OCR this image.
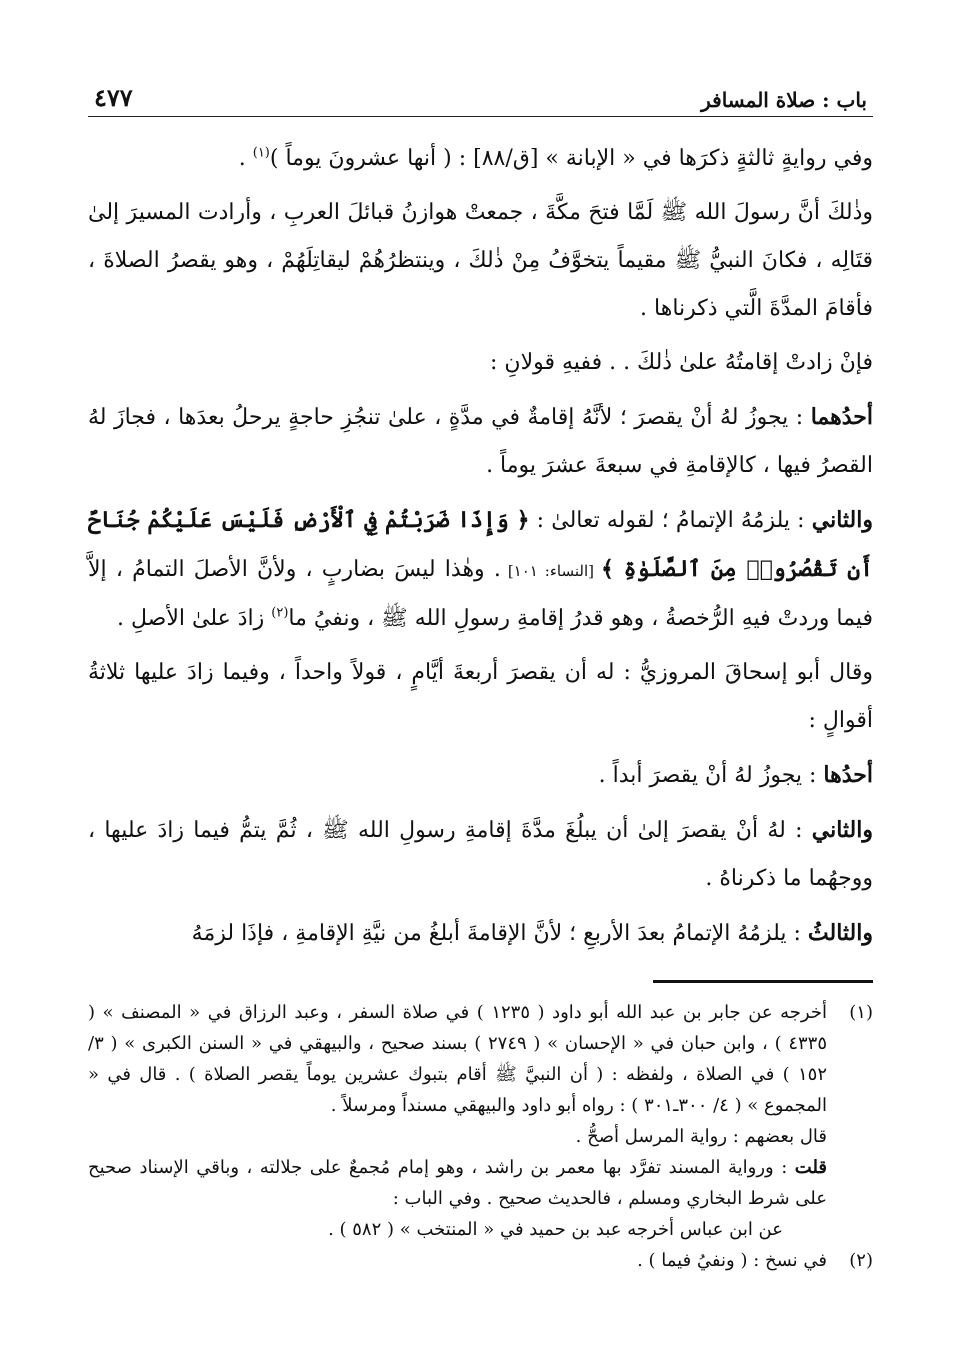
باب : صلاة المسافر
٤٧٧

وفي روايةٍ ثالثةٍ ذكرَها في « الإبانة » [ق/٨٨] : ( أنها عشرونَ يوماً )$^{(١)}$ .

وذٰلكَ أنَّ رسولَ الله ﷺ لَمَّا فتحَ مكَّةَ ، جمعتْ هوازنُ قبائلَ العربِ ، وأرادت المسيرَ إلىٰ قتَالِه ، فكانَ النبيُّ ﷺ مقيماً يتخوَّفُ مِنْ ذٰلكَ ، وينتظرُهُمْ ليقاتِلَهُمْ ، وهو يقصرُ الصلاةَ ، فأقامَ المدَّةَ الَّتي ذكرناها .

فإنْ زادتْ إقامتُهُ علىٰ ذٰلكَ . . ففيهِ قولانِ :

أحدُهما : يجوزُ لهُ أنْ يقصرَ ؛ لأنَّهُ إقامةٌ في مدَّةٍ ، علىٰ تنجُزِ حاجةٍ يرحلُ بعدَها ، فجازَ لهُ القصرُ فيها ، كالإقامةِ في سبعةَ عشرَ يوماً .

والثاني : يلزمُهُ الإتمامُ ؛ لقوله تعالىٰ : ﴿ وَإِذَا ضَرَبْتُمْ فِي ٱلْأَرْضِ فَلَيْسَ عَلَيْكُمْ جُنَاحٌ أَن تَقْصُرُوا۟ مِنَ ٱلصَّلَوٰةِ ﴾ [النساء: ١٠١] . وهٰذا ليسَ بضاربٍ ، ولأنَّ الأصلَ التمامُ ، إلاَّ فيما وردتْ فيهِ الرُّخصةُ ، وهو قدرُ إقامةِ رسولِ الله ﷺ ، ونفيُ ما$^{(٢)}$ زادَ علىٰ الأصلِ .

وقال أبو إسحاقَ المروزيُّ : له أن يقصرَ أربعةَ أيَّامٍ ، قولاً واحداً ، وفيما زادَ عليها ثلاثةُ أقوالٍ :

أحدُها : يجوزُ لهُ أنْ يقصرَ أبداً .

والثاني : لهُ أنْ يقصرَ إلىٰ أن يبلُغَ مدَّةَ إقامةِ رسولِ الله ﷺ ، ثُمَّ يتمُّ فيما زادَ عليها ، ووجهُما ما ذكرناهُ .

والثالثُ : يلزمُهُ الإتمامُ بعدَ الأربعِ ؛ لأنَّ الإقامةَ أبلغُ من نيَّةِ الإقامةِ ، فإذَا لزمَهُ

(١)
أخرجه عن جابر بن عبد الله أبو داود ( ١٢٣٥ ) في صلاة السفر ، وعبد الرزاق في « المصنف » ( ٤٣٣٥ ) ، وابن حبان في « الإحسان » ( ٢٧٤٩ ) بسند صحيح ، والبيهقي في « السنن الكبرى » ( ٣/ ١٥٢ ) في الصلاة ، ولفظه : ( أن النبيَّ ﷺ أقام بتبوك عشرين يوماً يقصر الصلاة ) . قال في « المجموع » ( ٤/ ٣٠٠ـ٣٠١ ) : رواه أبو داود والبيهقي مسنداً ومرسلاً .
قال بعضهم : رواية المرسل أصحُّ .
قلت : ورواية المسند تفرَّد بها معمر بن راشد ، وهو إمام مُجمعٌ على جلالته ، وباقي الإسناد صحيح على شرط البخاري ومسلم ، فالحديث صحيح . وفي الباب :
عن ابن عباس أخرجه عبد بن حميد في « المنتخب » ( ٥٨٢ ) .
(٢)
في نسخ : ( ونفيُ فيما ) .
